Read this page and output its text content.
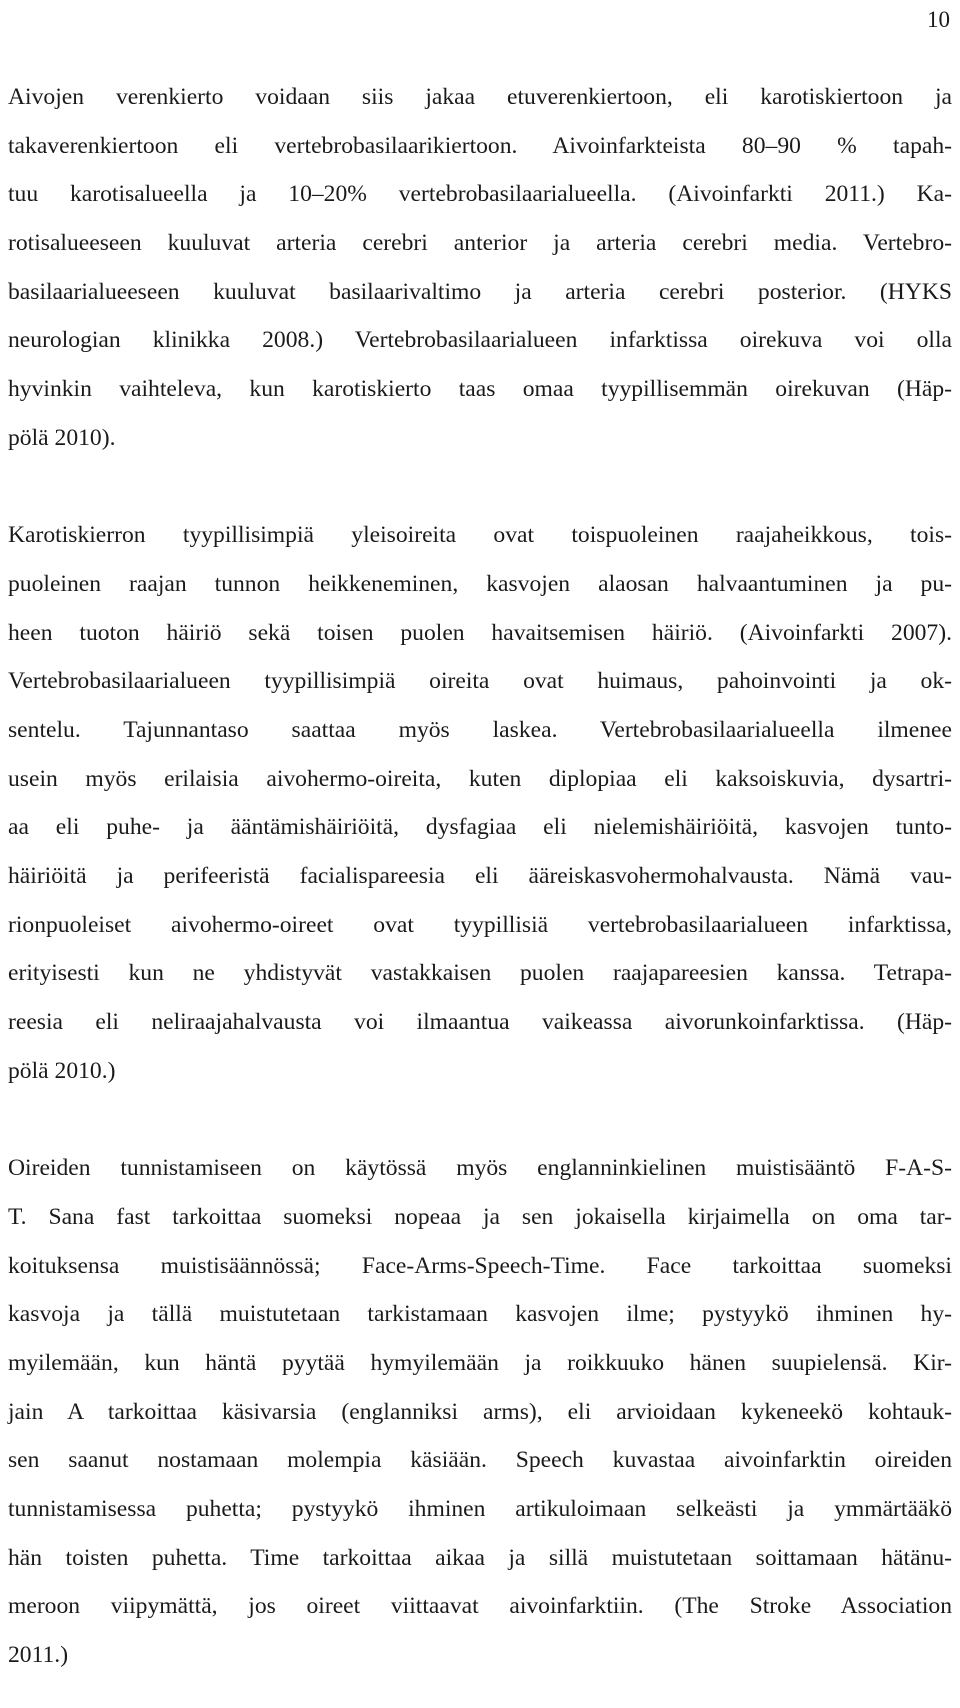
10
Aivojen verenkierto voidaan siis jakaa etuverenkiertoon, eli karotiskiertoon ja
takaverenkiertoon eli vertebrobasilaarikiertoon. Aivoinfarkteista 80–90 % tapah-
tuu karotisalueella ja 10–20% vertebrobasilaarialueella. (Aivoinfarkti 2011.) Ka-
rotisalueeseen kuuluvat arteria cerebri anterior ja arteria cerebri media. Vertebro-
basilaarialueeseen kuuluvat basilaarivaltimo ja arteria cerebri posterior. (HYKS
neurologian klinikka 2008.) Vertebrobasilaarialueen infarktissa oirekuva voi olla
hyvinkin vaihteleva, kun karotiskierto taas omaa tyypillisemmän oirekuvan (Häp-
pölä 2010).
Karotiskierron tyypillisimpiä yleisoireita ovat toispuoleinen raajaheikkous, tois-
puoleinen raajan tunnon heikkeneminen, kasvojen alaosan halvaantuminen ja pu-
heen tuoton häiriö sekä toisen puolen havaitsemisen häiriö. (Aivoinfarkti 2007).
Vertebrobasilaarialueen tyypillisimpiä oireita ovat huimaus, pahoinvointi ja ok-
sentelu. Tajunnantaso saattaa myös laskea. Vertebrobasilaarialueella ilmenee
usein myös erilaisia aivohermo-oireita, kuten diplopiaa eli kaksoiskuvia, dysartri-
aa eli puhe- ja ääntämishäiriöitä, dysfagiaa eli nielemishäiriöitä, kasvojen tunto-
häiriöitä ja perifeeristä facialispareesia eli ääreiskasvohermohalvausta. Nämä vau-
rionpuoleiset aivohermo-oireet ovat tyypillisiä vertebrobasilaarialueen infarktissa,
erityisesti kun ne yhdistyvät vastakkaisen puolen raajapareesien kanssa. Tetrapa-
reesia eli neliraajahalvausta voi ilmaantua vaikeassa aivorunkoinfarktissa. (Häp-
pölä 2010.)
Oireiden tunnistamiseen on käytössä myös englanninkielinen muistisääntö F-A-S-
T. Sana fast tarkoittaa suomeksi nopeaa ja sen jokaisella kirjaimella on oma tar-
koituksensa muistisäännössä; Face-Arms-Speech-Time. Face tarkoittaa suomeksi
kasvoja ja tällä muistutetaan tarkistamaan kasvojen ilme; pystyykö ihminen hy-
myilemään, kun häntä pyytää hymyilemään ja roikkuuko hänen suupielensä. Kir-
jain A tarkoittaa käsivarsia (englanniksi arms), eli arvioidaan kykeneekö kohtauk-
sen saanut nostamaan molempia käsiään. Speech kuvastaa aivoinfarktin oireiden
tunnistamisessa puhetta; pystyykö ihminen artikuloimaan selkeästi ja ymmärtääkö
hän toisten puhetta. Time tarkoittaa aikaa ja sillä muistutetaan soittamaan hätänu-
meroon viipymättä, jos oireet viittaavat aivoinfarktiin. (The Stroke Association
2011.)
